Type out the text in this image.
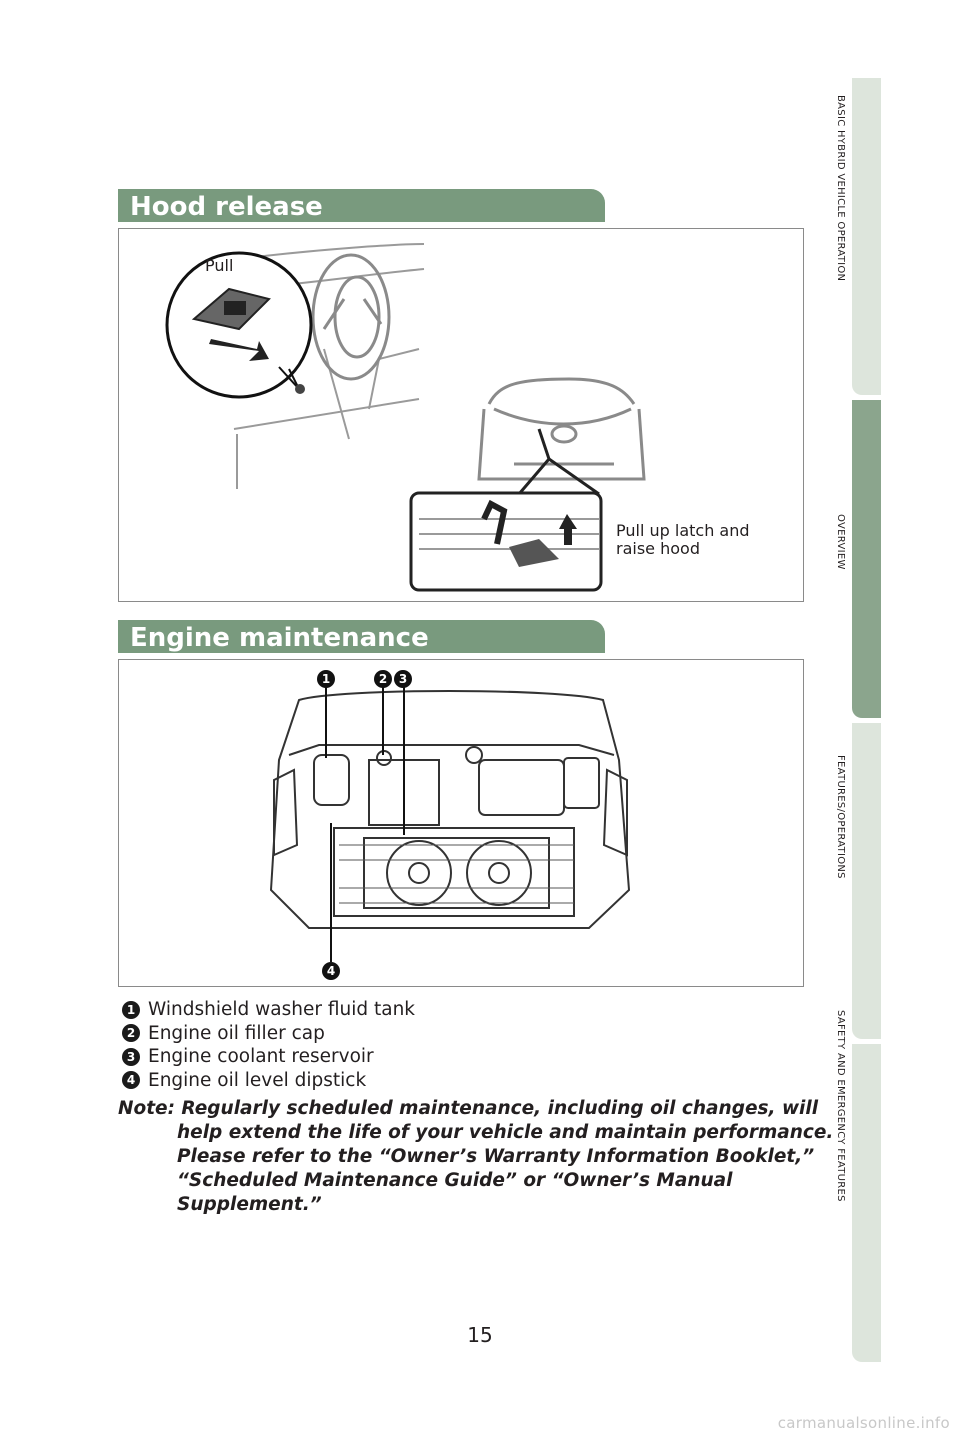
BASIC HYBRID VEHICLE OPERATION
OVERVIEW
FEATURES/OPERATIONS
SAFETY AND EMERGENCY FEATURES
Hood release
Pull
Pull up latch and
raise hood
Engine maintenance
1	2 3
4
1 Windshield washer fluid tank
2 Engine oil filler cap
3 Engine coolant reservoir
4 Engine oil level dipstick
Note: Regularly scheduled maintenance, including oil changes, will
help extend the life of your vehicle and maintain performance.
Please refer to the “Owner’s Warranty Information Booklet,”
“Scheduled Maintenance Guide” or “Owner’s Manual
Supplement.”
15
carmanualsonline.info
